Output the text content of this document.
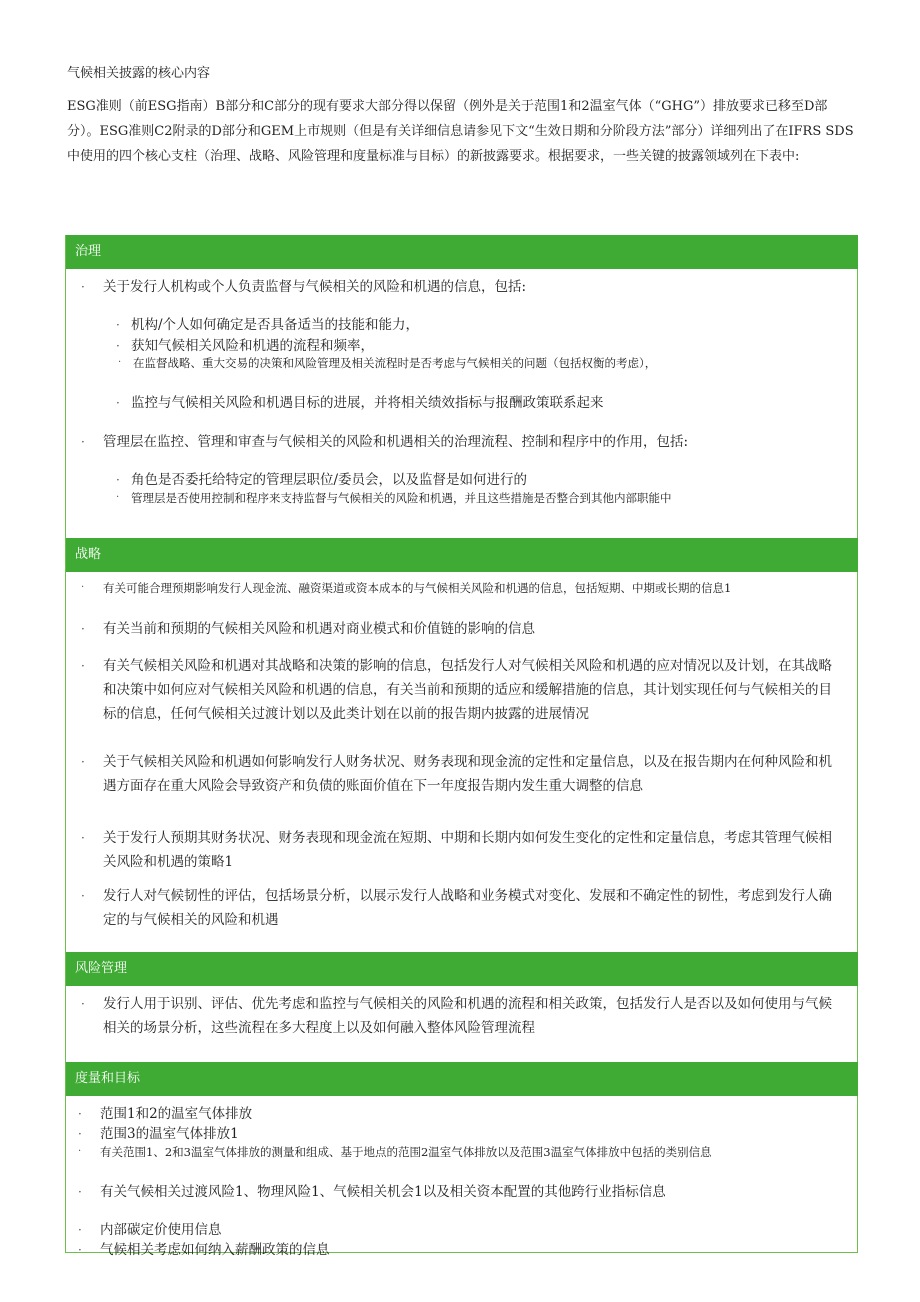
气候相关披露的核心内容
ESG准则（前ESG指南）B部分和C部分的现有要求大部分得以保留（例外是关于范围1和2温室气体（“GHG”）排放要求已移至D部分）。ESG准则C2附录的D部分和GEM上市规则（但是有关详细信息请参见下文“生效日期和分阶段方法”部分）详细列出了在IFRS SDS中使用的四个核心支柱（治理、战略、风险管理和度量标准与目标）的新披露要求。根据要求，一些关键的披露领域列在下表中:
治理
· 关于发行人机构或个人负责监督与气候相关的风险和机遇的信息，包括:
· 机构/个人如何确定是否具备适当的技能和能力，
· 获知气候相关风险和机遇的流程和频率，
· 在监督战略、重大交易的决策和风险管理及相关流程时是否考虑与气候相关的问题（包括权衡的考虑），
· 监控与气候相关风险和机遇目标的进展，并将相关绩效指标与报酬政策联系起来
· 管理层在监控、管理和审查与气候相关的风险和机遇相关的治理流程、控制和程序中的作用，包括:
· 角色是否委托给特定的管理层职位/委员会，以及监督是如何进行的
· 管理层是否使用控制和程序来支持监督与气候相关的风险和机遇，并且这些措施是否整合到其他内部职能中
战略
· 有关可能合理预期影响发行人现金流、融资渠道或资本成本的与气候相关风险和机遇的信息，包括短期、中期或长期的信息1
· 有关当前和预期的气候相关风险和机遇对商业模式和价值链的影响的信息
· 有关气候相关风险和机遇对其战略和决策的影响的信息，包括发行人对气候相关风险和机遇的应对情况以及计划，在其战略和决策中如何应对气候相关风险和机遇的信息，有关当前和预期的适应和缓解措施的信息，其计划实现任何与气候相关的目标的信息，任何气候相关过渡计划以及此类计划在以前的报告期内披露的进展情况
· 关于气候相关风险和机遇如何影响发行人财务状况、财务表现和现金流的定性和定量信息，以及在报告期内在何种风险和机遇方面存在重大风险会导致资产和负债的账面价值在下一年度报告期内发生重大调整的信息
· 关于发行人预期其财务状况、财务表现和现金流在短期、中期和长期内如何发生变化的定性和定量信息，考虑其管理气候相关风险和机遇的策略1
· 发行人对气候韧性的评估，包括场景分析，以展示发行人战略和业务模式对变化、发展和不确定性的韧性，考虑到发行人确定的与气候相关的风险和机遇
风险管理
· 发行人用于识别、评估、优先考虑和监控与气候相关的风险和机遇的流程和相关政策，包括发行人是否以及如何使用与气候相关的场景分析，这些流程在多大程度上以及如何融入整体风险管理流程
度量和目标
· 范围1和2的温室气体排放
· 范围3的温室气体排放1
· 有关范围1、2和3温室气体排放的测量和组成、基于地点的范围2温室气体排放以及范围3温室气体排放中包括的类别信息
· 有关气候相关过渡风险1、物理风险1、气候相关机会1以及相关资本配置的其他跨行业指标信息
· 内部碳定价使用信息
· 气候相关考虑如何纳入薪酬政策的信息
